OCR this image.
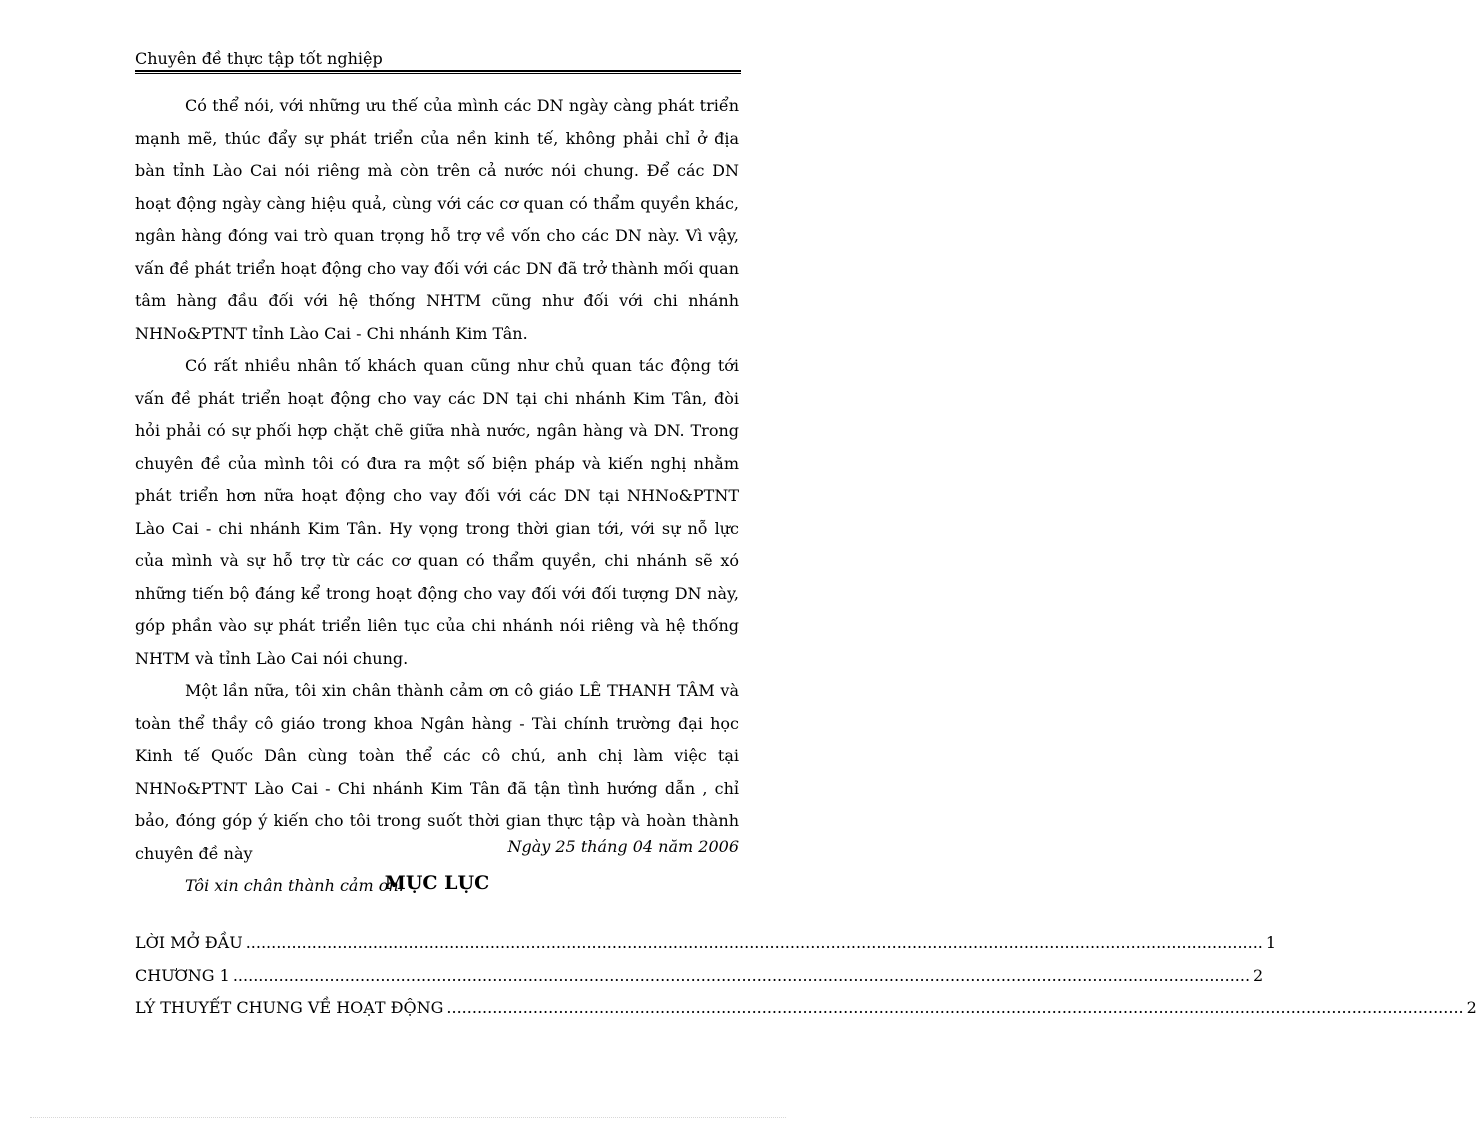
Chuyên đề thực tập tốt nghiệp

Có thể nói, với những ưu thế của mình các DN ngày càng phát triển mạnh mẽ, thúc đẩy sự phát triển của nền kinh tế, không phải chỉ ở địa bàn tỉnh Lào Cai nói riêng mà còn trên cả nước nói chung. Để các DN hoạt động ngày càng hiệu quả, cùng với các cơ quan có thẩm quyền khác, ngân hàng đóng vai trò quan trọng hỗ trợ về vốn cho các DN này. Vì vậy, vấn đề phát triển hoạt động cho vay đối với các DN đã trở thành mối quan tâm hàng đầu đối với hệ thống NHTM cũng như đối với chi nhánh NHNo&PTNT tỉnh Lào Cai - Chi nhánh Kim Tân.

Có rất nhiều nhân tố khách quan cũng như chủ quan tác động tới vấn đề phát triển hoạt động cho vay các DN tại chi nhánh Kim Tân, đòi hỏi phải có sự phối hợp chặt chẽ giữa nhà nước, ngân hàng và DN. Trong chuyên đề của mình tôi có đưa ra một số biện pháp và kiến nghị nhằm phát triển hơn nữa hoạt động cho vay đối với các DN tại NHNo&PTNT Lào Cai - chi nhánh Kim Tân. Hy vọng trong thời gian tới, với sự nỗ lực của mình và sự hỗ trợ từ các cơ quan có thẩm quyền, chi nhánh sẽ xó những tiến bộ đáng kể trong hoạt động cho vay đối với đối tượng DN này, góp phần vào sự phát triển liên tục của chi nhánh nói riêng và hệ thống NHTM và tỉnh Lào Cai nói chung.

Một lần nữa, tôi xin chân thành cảm ơn cô giáo LÊ THANH TÂM và toàn thể thầy cô giáo trong khoa Ngân hàng - Tài chính trường đại học Kinh tế Quốc Dân cùng toàn thể các cô chú, anh chị làm việc tại NHNo&PTNT Lào Cai - Chi nhánh Kim Tân đã tận tình hướng dẫn , chỉ bảo, đóng góp ý kiến cho tôi trong suốt thời gian thực tập và hoàn thành chuyên đề này

Tôi xin chân thành cảm ơn.

Ngày 25 tháng 04 năm 2006
MỤC LỤC
LỜI MỞ ĐẦU ........................................................................................................................................................................................................ 1
CHƯƠNG 1 ........................................................................................................................................................................................................ 2
LÝ THUYẾT CHUNG VỀ HOẠT ĐỘNG ........................................................................................................................................................................................................ 2
